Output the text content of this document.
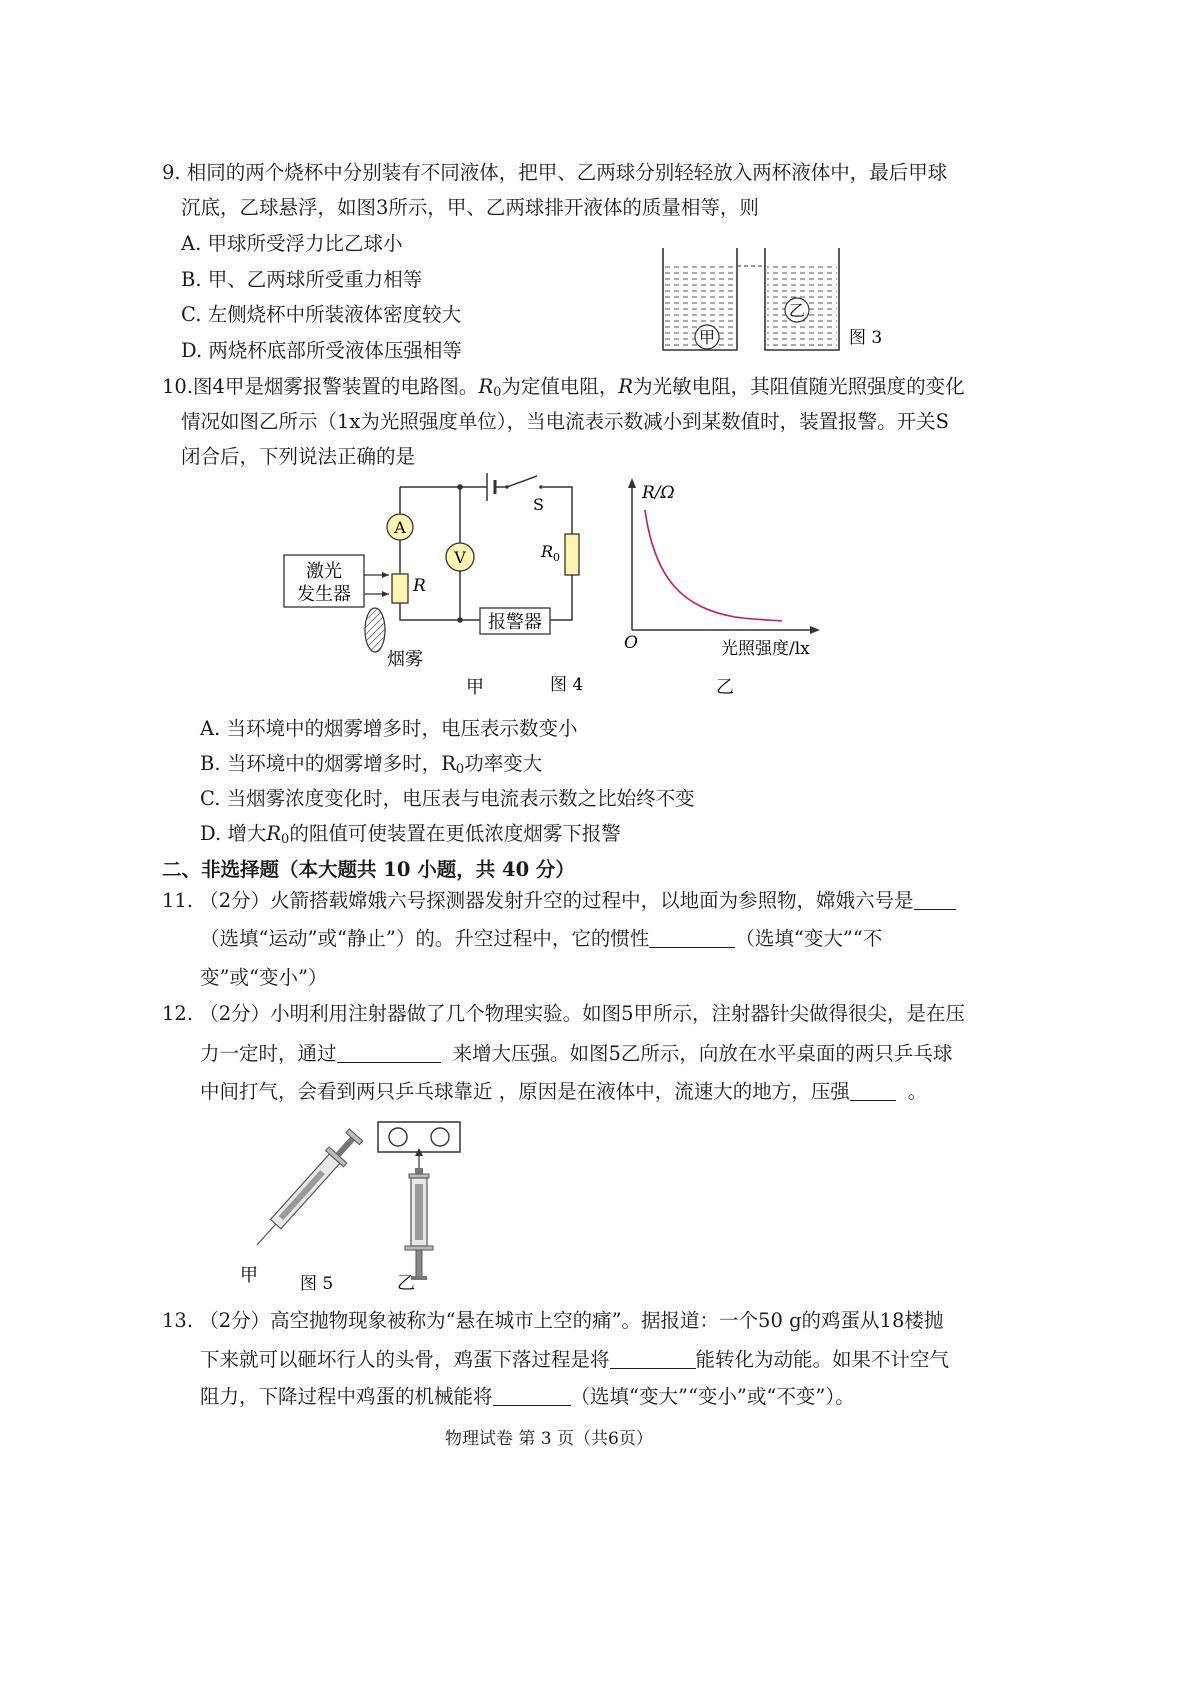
9. 相同的两个烧杯中分别装有不同液体，把甲、乙两球分别轻轻放入两杯液体中，最后甲球
沉底，乙球悬浮，如图3所示，甲、乙两球排开液体的质量相等，则
A. 甲球所受浮力比乙球小
B. 甲、乙两球所受重力相等
C. 左侧烧杯中所装液体密度较大
D. 两烧杯底部所受液体压强相等
甲
乙
图 3
10.图4甲是烟雾报警装置的电路图。$R_0$为定值电阻，R为光敏电阻，其阻值随光照强度的变化
情况如图乙所示（1x为光照强度单位），当电流表示数减小到某数值时，装置报警。开关S
闭合后，下列说法正确的是
S
V
A
R
$R_0$
报警器
激光
发生器
烟雾
甲	图 4
R/Ω
O	光照强度/lx
乙
A. 当环境中的烟雾增多时，电压表示数变小
B. 当环境中的烟雾增多时，$R_0$功率变大
C. 当烟雾浓度变化时，电压表与电流表示数之比始终不变
D. 增大$R_0$的阻值可使装置在更低浓度烟雾下报警
二、非选择题（本大题共 10 小题，共 40 分）
11. （2分）火箭搭载嫦娥六号探测器发射升空的过程中，以地面为参照物，嫦娥六号是
（选填“运动”或“静止”）的。升空过程中，它的惯性	（选填“变大”“不
变”或“变小”）
12. （2分）小明利用注射器做了几个物理实验。如图5甲所示，注射器针尖做得很尖，是在压
力一定时，通过	来增大压强。如图5乙所示，向放在水平桌面的两只乒乓球
中间打气，会看到两只乒乓球靠近 ，原因是在液体中，流速大的地方，压强	。
甲 图 5	乙
13. （2分）高空抛物现象被称为“悬在城市上空的痛”。据报道：一个50 g的鸡蛋从18楼抛
下来就可以砸坏行人的头骨，鸡蛋下落过程是将	能转化为动能。如果不计空气
阻力，下降过程中鸡蛋的机械能将	（选填“变大”“变小”或“不变”）。
物理试卷 第 3 页（共6页）
